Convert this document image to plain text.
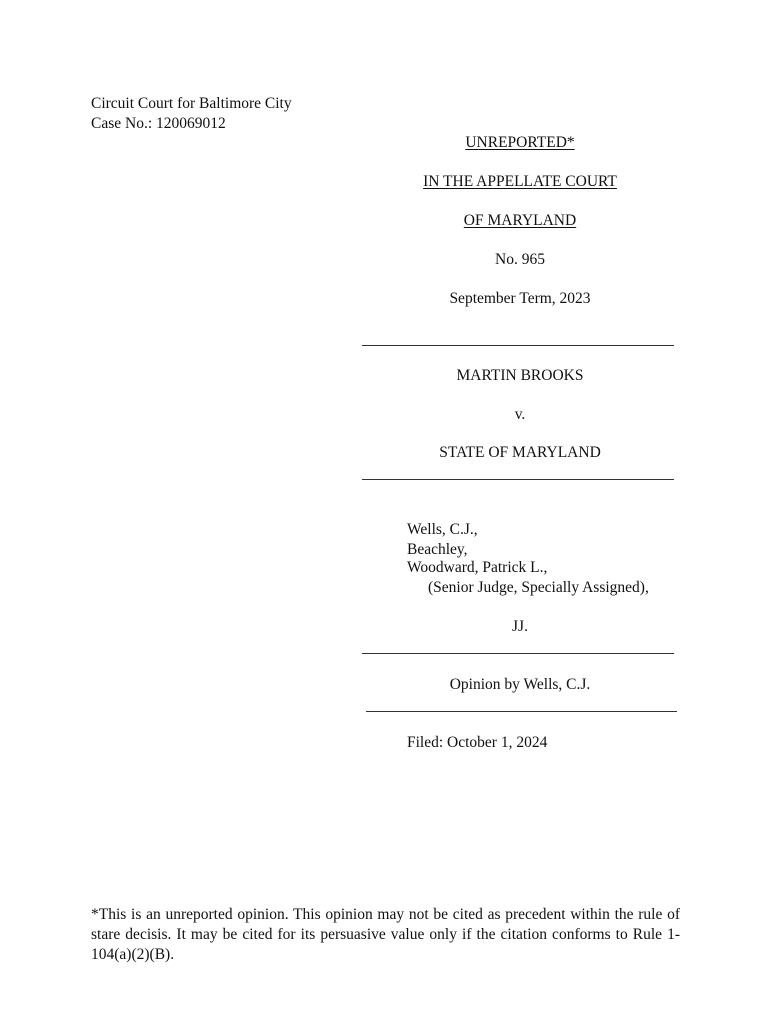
Circuit Court for Baltimore City
Case No.: 120069012
UNREPORTED*
IN THE APPELLATE COURT
OF MARYLAND
No. 965
September Term, 2023
MARTIN BROOKS
v.
STATE OF MARYLAND
Wells, C.J.,
Beachley,
Woodward, Patrick L.,
(Senior Judge, Specially Assigned),
JJ.
Opinion by Wells, C.J.
Filed: October 1, 2024
*This is an unreported opinion. This opinion may not be cited as precedent within the rule of stare decisis. It may be cited for its persuasive value only if the citation conforms to Rule 1-104(a)(2)(B).
